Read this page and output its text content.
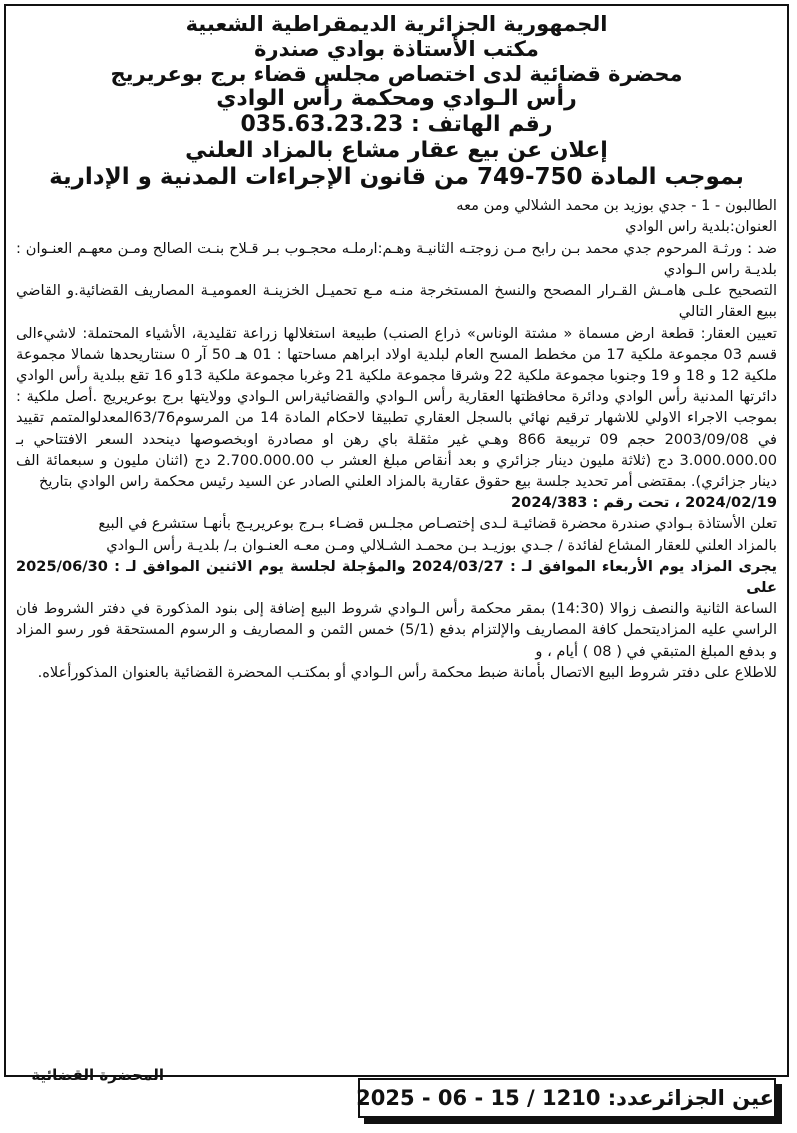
الجمهورية الجزائرية الديمقراطية الشعبية
مكتب الأستاذة بوادي صندرة
محضرة قضائية لدى اختصاص مجلس قضاء برج بوعريريج
رأس الـوادي ومحكمة رأس الوادي
رقم الهاتف : 035.63.23.23
إعلان عن بيع عقار مشاع بالمزاد العلني
بموجب المادة 750-749 من قانون الإجراءات المدنية و الإدارية

الطالبون - 1 - جدي بوزيد بن محمد الشلالي ومن معه

العنوان:بلدية راس الوادي

ضد : ورثـة المرحوم جدي محمد بـن رابح مـن زوجتـه الثانيـة وهـم:ارملـه محجـوب بـر قـلاح بنـت الصالح ومـن معهـم العنـوان : بلديـة راس الـوادي

التصحيح علـى هامـش القـرار المصحح والنسخ المستخرجة منـه مـع تحميـل الخزينـة العموميـة المصاريف القضائية.و القاضي ببيع العقار التالي

تعيين العقار: قطعة ارض مسماة « مشتة الوناس» ذراع الصنب) طبيعة استغلالها زراعة تقليدية، الأشياء المحتملة: لاشيءالى قسم 03 مجموعة ملكية 17 من مخطط المسح العام لبلدية اولاد ابراهم مساحتها : 01 هـ 50 آر 0 سنتاريحدها شمالا مجموعة ملكية 12 و 18 و 19 وجنوبا مجموعة ملكية 22 وشرقا مجموعة ملكية 21 وغربا مجموعة ملكية 13و 16 تقع ببلدية رأس الوادي دائرتها المدنية رأس الوادي ودائرة محافظتها العقارية رأس الـوادي والقضائيةراس الـوادي وولايتها برج بوعريريج .أصل ملكية : بموجب الاجراء الاولي للاشهار ترقيم نهائي بالسجل العقاري تطبيقا لاحكام المادة 14 من المرسوم63/76المعدلوالمتمم تقييد في 2003/09/08 حجم 09 تربيعة 866 وهـي غير مثقلة باي رهن او مصادرة اوبخصوصها دينحدد السعر الافتتاحي بـ 3.000.000.00 دج (ثلاثة مليون دينار جزائري و بعد أنقاص مبلغ العشر ب 2.700.000.00 دج (اثنان مليون و سبعمائة الف دينار جزائري). بمقتضى أمر تحديد جلسة بيع حقوق عقارية بالمزاد العلني الصادر عن السيد رئيس محكمة راس الوادي بتاريخ

2024/02/19 ، تحت رقم : 2024/383

تعلن الأستاذة بـوادي صندرة محضرة قضائيـة لـدى إختصـاص مجلـس قضـاء بـرج بوعريريـج بأنهـا ستشرع في البيع

بالمزاد العلني للعقار المشاع لفائدة / جـدي بوزيـد بـن محمـد الشـلالي ومـن معـه العنـوان بـ/ بلديـة رأس الـوادي

يجرى المزاد يوم الأربعاء الموافق لـ : 2024/03/27 والمؤجلة لجلسة يوم الاثنين الموافق لـ : 2025/06/30 على

الساعة الثانية والنصف زوالا (14:30) بمقر محكمة رأس الـوادي شروط البيع إضافة إلى بنود المذكورة في دفتر الشروط فان الراسي عليه المزاديتحمل كافة المصاريف والإلتزام بدفع (5/1) خمس الثمن و المصاريف و الرسوم المستحقة فور رسو المزاد و بدفع المبلغ المتبقي في ( 08 ) أيام ، و

للاطلاع على دفتر شروط البيع الاتصال بأمانة ضبط محكمة رأس الـوادي أو بمكتـب المحضرة القضائية بالعنوان المذكورأعلاه.

المحضرة القضائية
عين الجزائرعدد: 1210 / 15 - 06 - 2025
